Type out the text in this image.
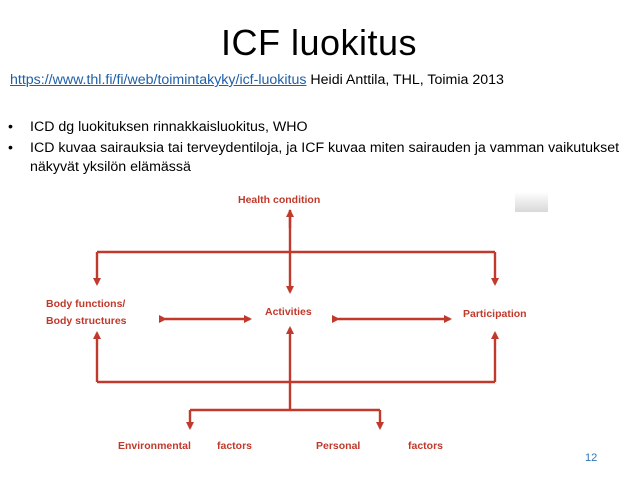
ICF luokitus
https://www.thl.fi/fi/web/toimintakyky/icf-luokitus Heidi Anttila, THL, Toimia 2013
• ICD dg luokituksen rinnakkaisluokitus, WHO
• ICD kuvaa sairauksia tai terveydentiloja, ja ICF kuvaa miten sairauden ja vamman vaikutukset näkyvät yksilön elämässä
Health condition
Body functions/
Body structures
Activities	Participation
Environmental factors	Personal	factors
12
